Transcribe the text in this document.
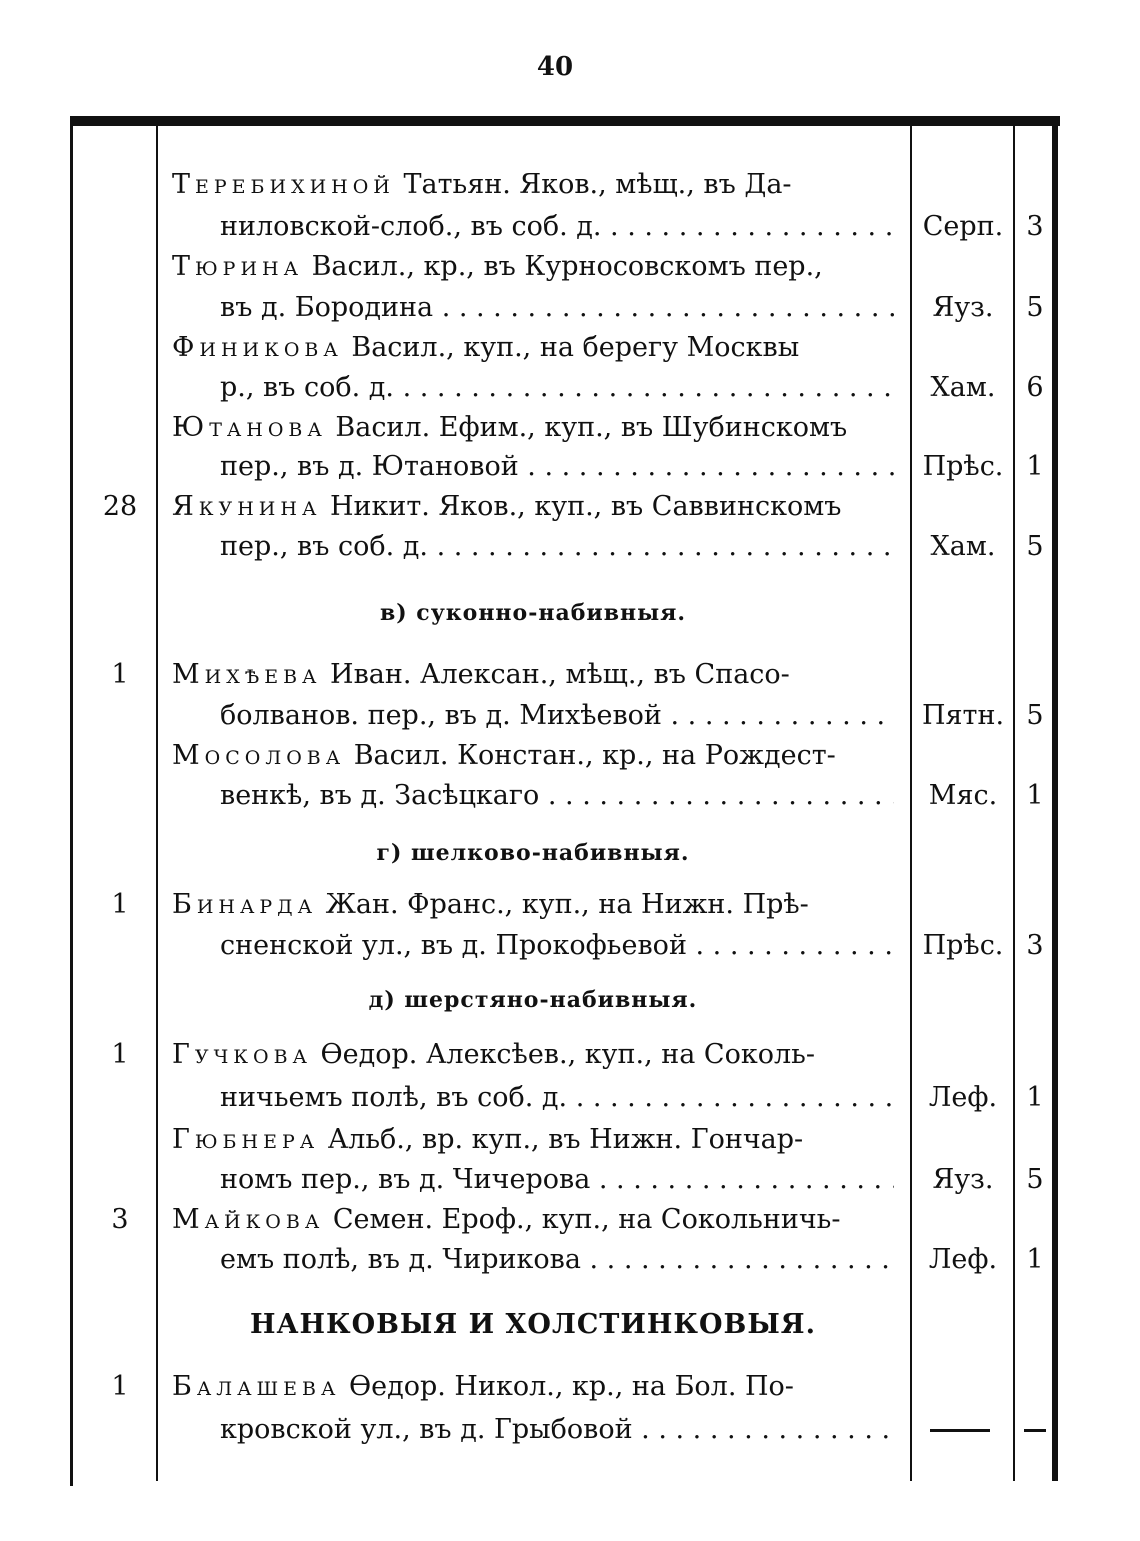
40
Теребихиной Татьян. Яков., мѣщ., въ Да-
ниловской-слоб., въ соб. д. . . .	Серп. 3
Тюрина Васил., кр., въ Курносовскомъ пер.,
въ д. Бородина . . .	Яуз.	5
Финикова Васил., куп., на берегу Москвы
р., въ соб. д. . . .	Хам.	6
Ютанова Васил. Ефим., куп., въ Шубинскомъ
пер., въ д. Ютановой . . .	Прѣс. 1
28 Якунина Никит. Яков., куп., въ Саввинскомъ
пер., въ соб. д. . . .	Хам.	5
в) суконно-набивныя.
1	Михѣева Иван. Алексан., мѣщ., въ Спасо-
болванов. пер., въ д. Михѣевой . . .	Пятн. 5
Мосолова Васил. Констан., кр., на Рождест-
венкѣ, въ д. Засѣцкаго . . .	Мяс.	1
г) шелково-набивныя.
1	Бинарда Жан. Франс., куп., на Нижн. Прѣ-
сненской ул., въ д. Прокофьевой . . .	Прѣс. 3
д) шерстяно-набивныя.
1	Гучкова Ѳедор. Алексѣев., куп., на Соколь-
ничьемъ полѣ, въ соб. д. . . .	Леф.	1
Гюбнера Альб., вр. куп., въ Нижн. Гончар-
номъ пер., въ д. Чичерова . . .	Яуз.	5
3	Майкова Семен. Ероф., куп., на Сокольничь-
емъ полѣ, въ д. Чирикова . . .	Леф.	1
НАНКОВЫЯ И ХОЛСТИНКОВЫЯ.
1	Балашева Ѳедор. Никол., кр., на Бол. По-
кровской ул., въ д. Грыбовой . . .
